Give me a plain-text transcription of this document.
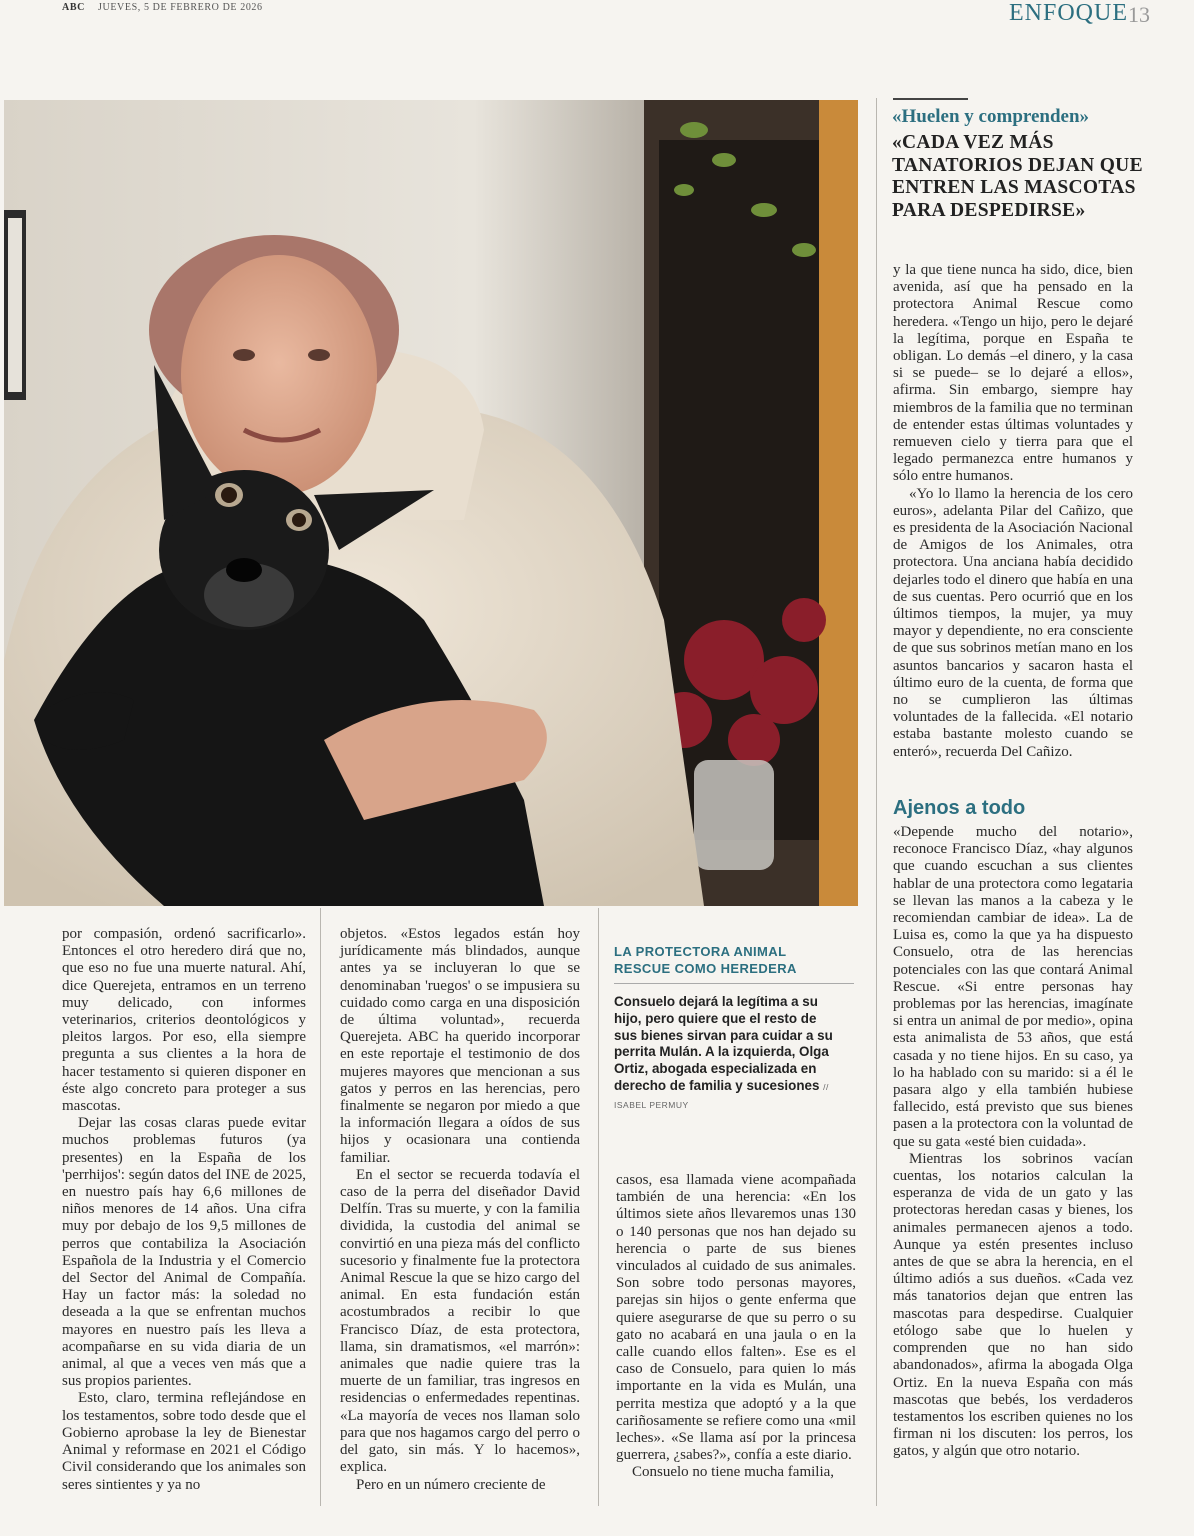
ABC JUEVES, 5 DE FEBRERO DE 2026	ENFOQUE 13
«Huelen y comprenden»
«CADA VEZ MÁS TANATORIOS DEJAN QUE ENTREN LAS MASCOTAS PARA DESPEDIRSE»

por compasión, ordenó sacrificarlo». Entonces el otro heredero dirá que no, que eso no fue una muerte natural. Ahí, dice Querejeta, entramos en un terreno muy delicado, con informes veterinarios, criterios deontológicos y pleitos largos. Por eso, ella siempre pregunta a sus clientes a la hora de hacer testamento si quieren disponer en éste algo concreto para proteger a sus mascotas.

Dejar las cosas claras puede evitar muchos problemas futuros (ya presentes) en la España de los 'perrhijos': según datos del INE de 2025, en nuestro país hay 6,6 millones de niños menores de 14 años. Una cifra muy por debajo de los 9,5 millones de perros que contabiliza la Asociación Española de la Industria y el Comercio del Sector del Animal de Compañía. Hay un factor más: la soledad no deseada a la que se enfrentan muchos mayores en nuestro país les lleva a acompañarse en su vida diaria de un animal, al que a veces ven más que a sus propios parientes.

Esto, claro, termina reflejándose en los testamentos, sobre todo desde que el Gobierno aprobase la ley de Bienestar Animal y reformase en 2021 el Código Civil considerando que los animales son seres sintientes y ya no

objetos. «Estos legados están hoy jurídicamente más blindados, aunque antes ya se incluyeran lo que se denominaban 'ruegos' o se impusiera su cuidado como carga en una disposición de última voluntad», recuerda Querejeta. ABC ha querido incorporar en este reportaje el testimonio de dos mujeres mayores que mencionan a sus gatos y perros en las herencias, pero finalmente se negaron por miedo a que la información llegara a oídos de sus hijos y ocasionara una contienda familiar.

En el sector se recuerda todavía el caso de la perra del diseñador David Delfín. Tras su muerte, y con la familia dividida, la custodia del animal se convirtió en una pieza más del conflicto sucesorio y finalmente fue la protectora Animal Rescue la que se hizo cargo del animal. En esta fundación están acostumbrados a recibir lo que Francisco Díaz, de esta protectora, llama, sin dramatismos, «el marrón»: animales que nadie quiere tras la muerte de un familiar, tras ingresos en residencias o enfermedades repentinas. «La mayoría de veces nos llaman solo para que nos hagamos cargo del perro o del gato, sin más. Y lo hacemos», explica.

Pero en un número creciente de

LA PROTECTORA ANIMAL RESCUE COMO HEREDERA
Consuelo dejará la legítima a su hijo, pero quiere que el resto de sus bienes sirvan para cuidar a su perrita Mulán. A la izquierda, Olga Ortiz, abogada especializada en derecho de familia y sucesiones // ISABEL PERMUY

casos, esa llamada viene acompañada también de una herencia: «En los últimos siete años llevaremos unas 130 o 140 personas que nos han dejado su herencia o parte de sus bienes vinculados al cuidado de sus animales. Son sobre todo personas mayores, parejas sin hijos o gente enferma que quiere asegurarse de que su perro o su gato no acabará en una jaula o en la calle cuando ellos falten». Ese es el caso de Consuelo, para quien lo más importante en la vida es Mulán, una perrita mestiza que adoptó y a la que cariñosamente se refiere como una «mil leches». «Se llama así por la princesa guerrera, ¿sabes?», confía a este diario.

Consuelo no tiene mucha familia,

y la que tiene nunca ha sido, dice, bien avenida, así que ha pensado en la protectora Animal Rescue como heredera. «Tengo un hijo, pero le dejaré la legítima, porque en España te obligan. Lo demás –el dinero, y la casa si se puede– se lo dejaré a ellos», afirma. Sin embargo, siempre hay miembros de la familia que no terminan de entender estas últimas voluntades y remueven cielo y tierra para que el legado permanezca entre humanos y sólo entre humanos.

«Yo lo llamo la herencia de los cero euros», adelanta Pilar del Cañizo, que es presidenta de la Asociación Nacional de Amigos de los Animales, otra protectora. Una anciana había decidido dejarles todo el dinero que había en una de sus cuentas. Pero ocurrió que en los últimos tiempos, la mujer, ya muy mayor y dependiente, no era consciente de que sus sobrinos metían mano en los asuntos bancarios y sacaron hasta el último euro de la cuenta, de forma que no se cumplieron las últimas voluntades de la fallecida. «El notario estaba bastante molesto cuando se enteró», recuerda Del Cañizo.

Ajenos a todo

«Depende mucho del notario», reconoce Francisco Díaz, «hay algunos que cuando escuchan a sus clientes hablar de una protectora como legataria se llevan las manos a la cabeza y le recomiendan cambiar de idea». La de Luisa es, como la que ya ha dispuesto Consuelo, otra de las herencias potenciales con las que contará Animal Rescue. «Si entre personas hay problemas por las herencias, imagínate si entra un animal de por medio», opina esta animalista de 53 años, que está casada y no tiene hijos. En su caso, ya lo ha hablado con su marido: si a él le pasara algo y ella también hubiese fallecido, está previsto que sus bienes pasen a la protectora con la voluntad de que su gata «esté bien cuidada».

Mientras los sobrinos vacían cuentas, los notarios calculan la esperanza de vida de un gato y las protectoras heredan casas y bienes, los animales permanecen ajenos a todo. Aunque ya estén presentes incluso antes de que se abra la herencia, en el último adiós a sus dueños. «Cada vez más tanatorios dejan que entren las mascotas para despedirse. Cualquier etólogo sabe que lo huelen y comprenden que no han sido abandonados», afirma la abogada Olga Ortiz. En la nueva España con más mascotas que bebés, los verdaderos testamentos los escriben quienes no los firman ni los discuten: los perros, los gatos, y algún que otro notario.
